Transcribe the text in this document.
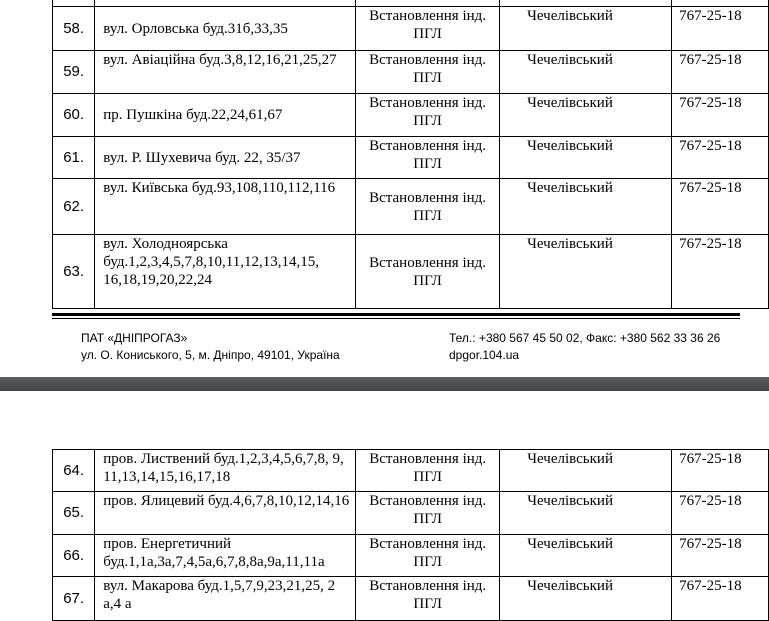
58.	вул. Орловська буд.31б,33,35	Встановлення інд. ПГЛ	Чечелівський	767-25-18
59.	вул. Авіаційна буд.3,8,12,16,21,25,27	Встановлення інд. ПГЛ	Чечелівський	767-25-18
60.	пр. Пушкіна буд.22,24,61,67	Встановлення інд. ПГЛ	Чечелівський	767-25-18
61.	вул. Р. Шухевича буд. 22, 35/37	Встановлення інд. ПГЛ	Чечелівський	767-25-18
62.	вул. Київська буд.93,108,110,112,116	Встановлення інд. ПГЛ	Чечелівський	767-25-18
63.	вул. Холодноярська буд.1,2,3,4,5,7,8,10,11,12,13,14,15, 16,18,19,20,22,24	Встановлення інд. ПГЛ	Чечелівський	767-25-18
ПАТ «ДНІПРОГАЗ»
ул. О. Кониського, 5, м. Дніпро, 49101, Україна
Тел.: +380 567 45 50 02, Факс: +380 562 33 36 26
dpgor.104.ua
64.	пров. Листвений буд.1,2,3,4,5,6,7,8, 9, 11,13,14,15,16,17,18	Встановлення інд. ПГЛ	Чечелівський	767-25-18
65.	пров. Ялицевий буд.4,6,7,8,10,12,14,16	Встановлення інд. ПГЛ	Чечелівський	767-25-18
66.	пров. Енергетичний буд.1,1а,3а,7,4,5а,6,7,8,8а,9а,11,11а	Встановлення інд. ПГЛ	Чечелівський	767-25-18
67.	вул. Макарова буд.1,5,7,9,23,21,25, 2 а,4 а	Встановлення інд. ПГЛ	Чечелівський	767-25-18
